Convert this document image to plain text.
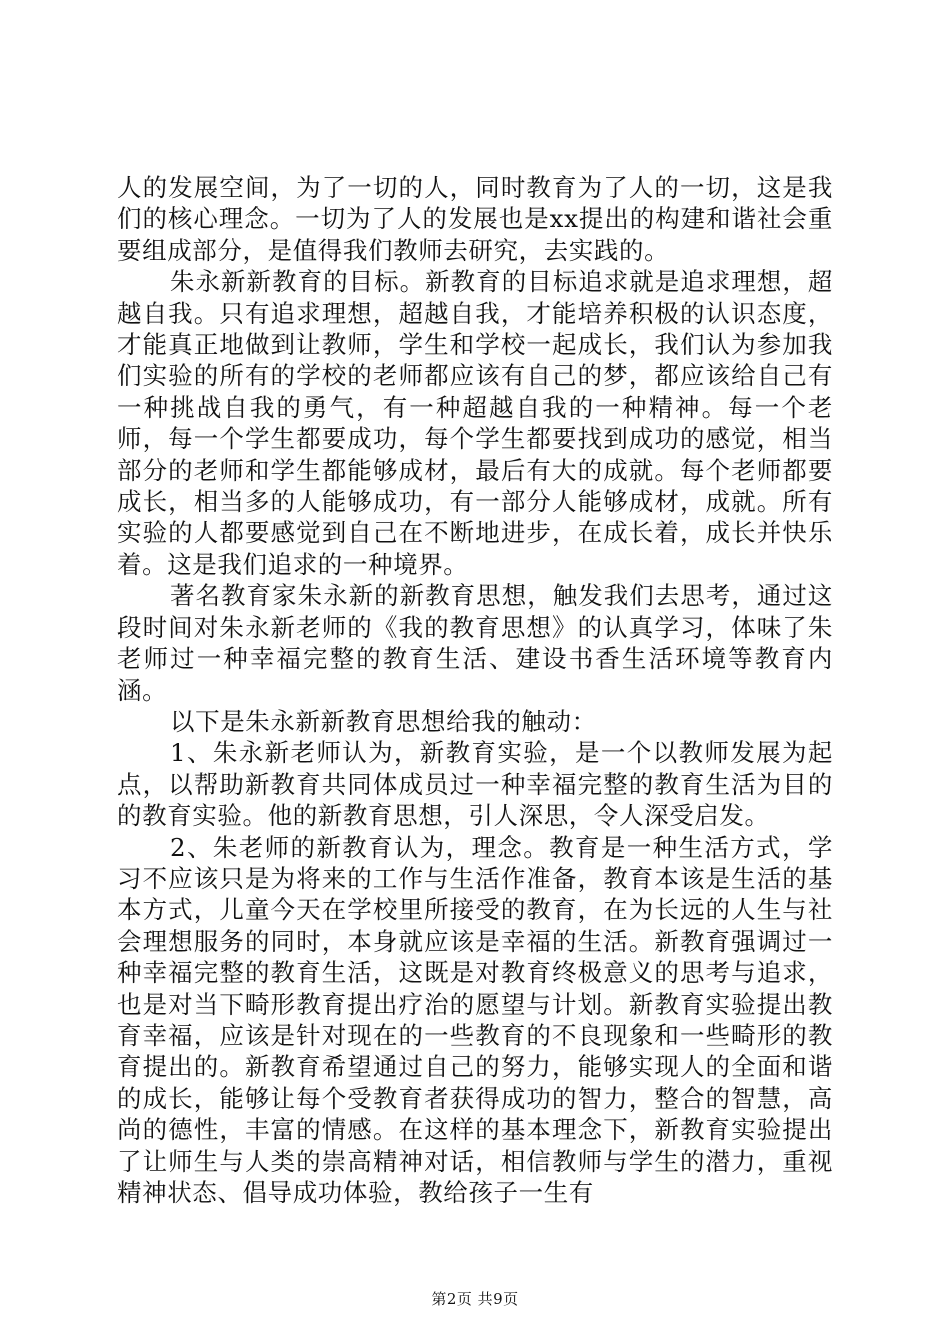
人的发展空间，为了一切的人，同时教育为了人的一切，这是我们的核心理念。一切为了人的发展也是xx提出的构建和谐社会重要组成部分，是值得我们教师去研究，去实践的。

朱永新新教育的目标。新教育的目标追求就是追求理想，超越自我。只有追求理想，超越自我，才能培养积极的认识态度，才能真正地做到让教师，学生和学校一起成长，我们认为参加我们实验的所有的学校的老师都应该有自己的梦，都应该给自己有一种挑战自我的勇气，有一种超越自我的一种精神。每一个老师，每一个学生都要成功，每个学生都要找到成功的感觉，相当部分的老师和学生都能够成材，最后有大的成就。每个老师都要成长，相当多的人能够成功，有一部分人能够成材，成就。所有实验的人都要感觉到自己在不断地进步，在成长着，成长并快乐着。这是我们追求的一种境界。

著名教育家朱永新的新教育思想，触发我们去思考，通过这段时间对朱永新老师的《我的教育思想》的认真学习，体味了朱老师过一种幸福完整的教育生活、建设书香生活环境等教育内涵。

以下是朱永新新教育思想给我的触动：

1、朱永新老师认为，新教育实验，是一个以教师发展为起点，以帮助新教育共同体成员过一种幸福完整的教育生活为目的的教育实验。他的新教育思想，引人深思，令人深受启发。

2、朱老师的新教育认为，理念。教育是一种生活方式，学习不应该只是为将来的工作与生活作准备，教育本该是生活的基本方式，儿童今天在学校里所接受的教育，在为长远的人生与社会理想服务的同时，本身就应该是幸福的生活。新教育强调过一种幸福完整的教育生活，这既是对教育终极意义的思考与追求，也是对当下畸形教育提出疗治的愿望与计划。新教育实验提出教育幸福，应该是针对现在的一些教育的不良现象和一些畸形的教育提出的。新教育希望通过自己的努力，能够实现人的全面和谐的成长，能够让每个受教育者获得成功的智力，整合的智慧，高尚的德性，丰富的情感。在这样的基本理念下，新教育实验提出了让师生与人类的崇高精神对话，相信教师与学生的潜力，重视精神状态、倡导成功体验，教给孩子一生有

第2页 共9页
